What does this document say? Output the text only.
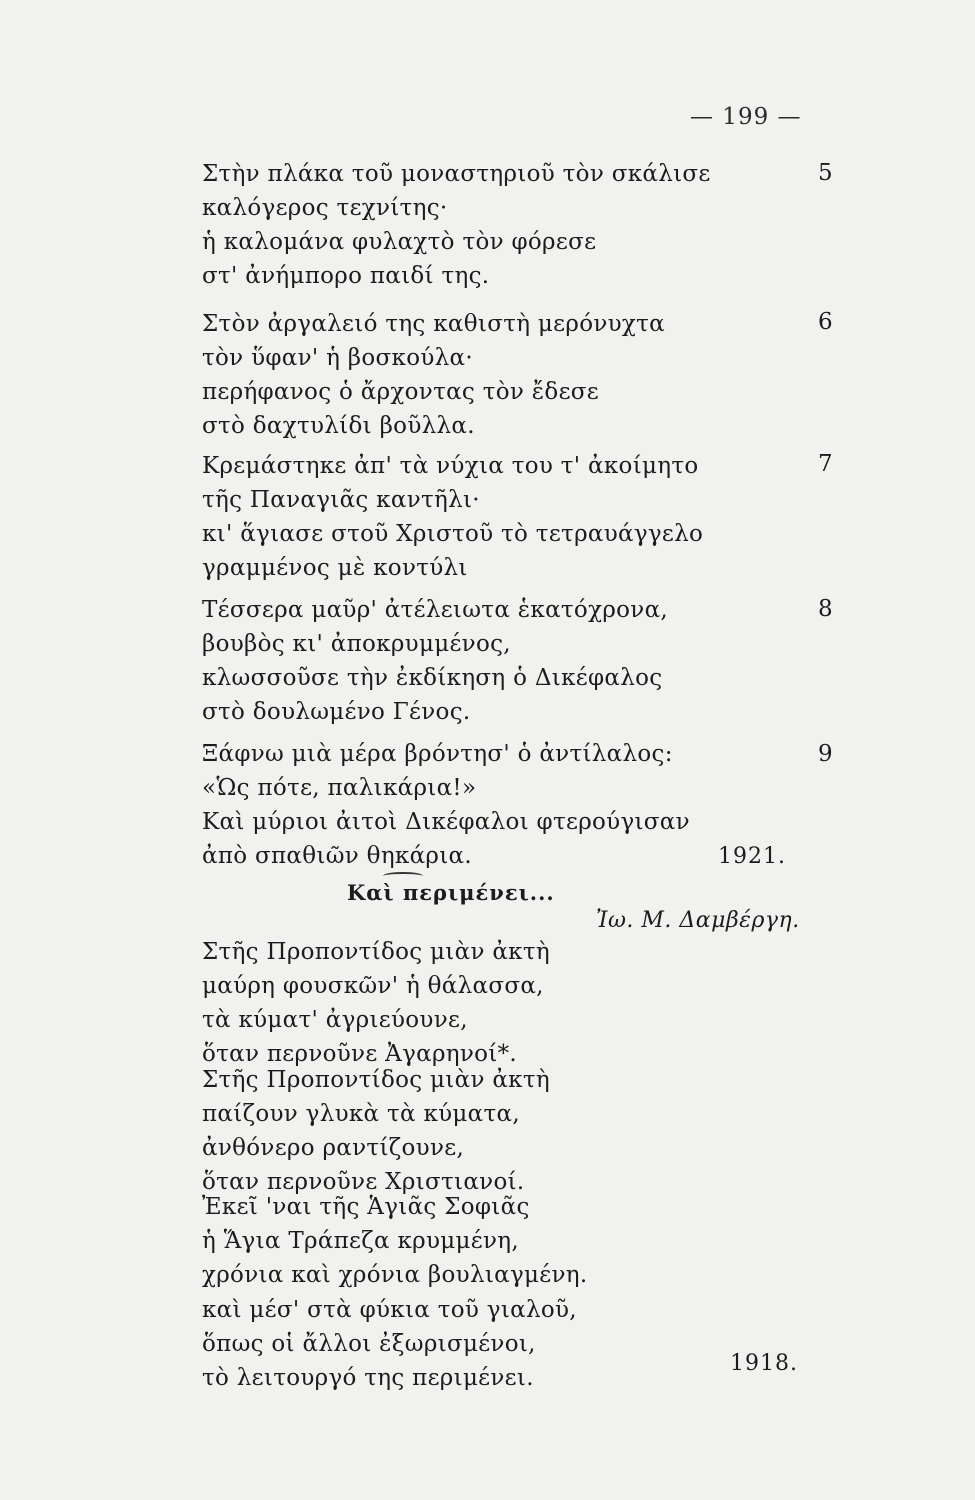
— 199 —
Στὴν πλάκα τοῦ μοναστηριοῦ τὸν σκάλισε
καλόγερος τεχνίτης·
ἡ καλομάνα φυλαχτὸ τὸν φόρεσε
στ' ἀνήμπορο παιδί της.
5
Στὸν ἀργαλειό της καθιστὴ μερόνυχτα
τὸν ὕφαν' ἡ βοσκούλα·
περήφανος ὁ ἄρχοντας τὸν ἔδεσε
στὸ δαχτυλίδι βοῦλλα.
6
Κρεμάστηκε ἀπ' τὰ νύχια του τ' ἀκοίμητο
τῆς Παναγιᾶς καντῆλι·
κι' ἅγιασε στοῦ Χριστοῦ τὸ τετραυάγγελο
γραμμένος μὲ κοντύλι
7
Τέσσερα μαῦρ' ἀτέλειωτα ἑκατόχρονα,
βουβὸς κι' ἀποκρυμμένος,
κλωσσοῦσε τὴν ἐκδίκηση ὁ Δικέφαλος
στὸ δουλωμένο Γένος.
8
Ξάφνω μιὰ μέρα βρόντησ' ὁ ἀντίλαλος:
«Ὡς πότε, παλικάρια!»
Καὶ μύριοι ἀιτοὶ Δικέφαλοι φτερούγισαν
ἀπὸ σπαθιῶν θηκάρια.
9
1921.
Καὶ περιμένει...
Ἰω. Μ. Δαμβέργη.
Στῆς Προποντίδος μιὰν ἀκτὴ
μαύρη φουσκῶν' ἡ θάλασσα,
τὰ κύματ' ἀγριεύουνε,
ὅταν περνοῦνε Ἀγαρηνοί*.
Στῆς Προποντίδος μιὰν ἀκτὴ
παίζουν γλυκὰ τὰ κύματα,
ἀνθόνερο ραντίζουνε,
ὅταν περνοῦνε Χριστιανοί.
Ἐκεῖ 'ναι τῆς Ἁγιᾶς Σοφιᾶς
ἡ Ἅγια Τράπεζα κρυμμένη,
χρόνια καὶ χρόνια βουλιαγμένη.
καὶ μέσ' στὰ φύκια τοῦ γιαλοῦ,
ὅπως οἱ ἄλλοι ἐξωρισμένοι,
τὸ λειτουργό της περιμένει.
1918.
